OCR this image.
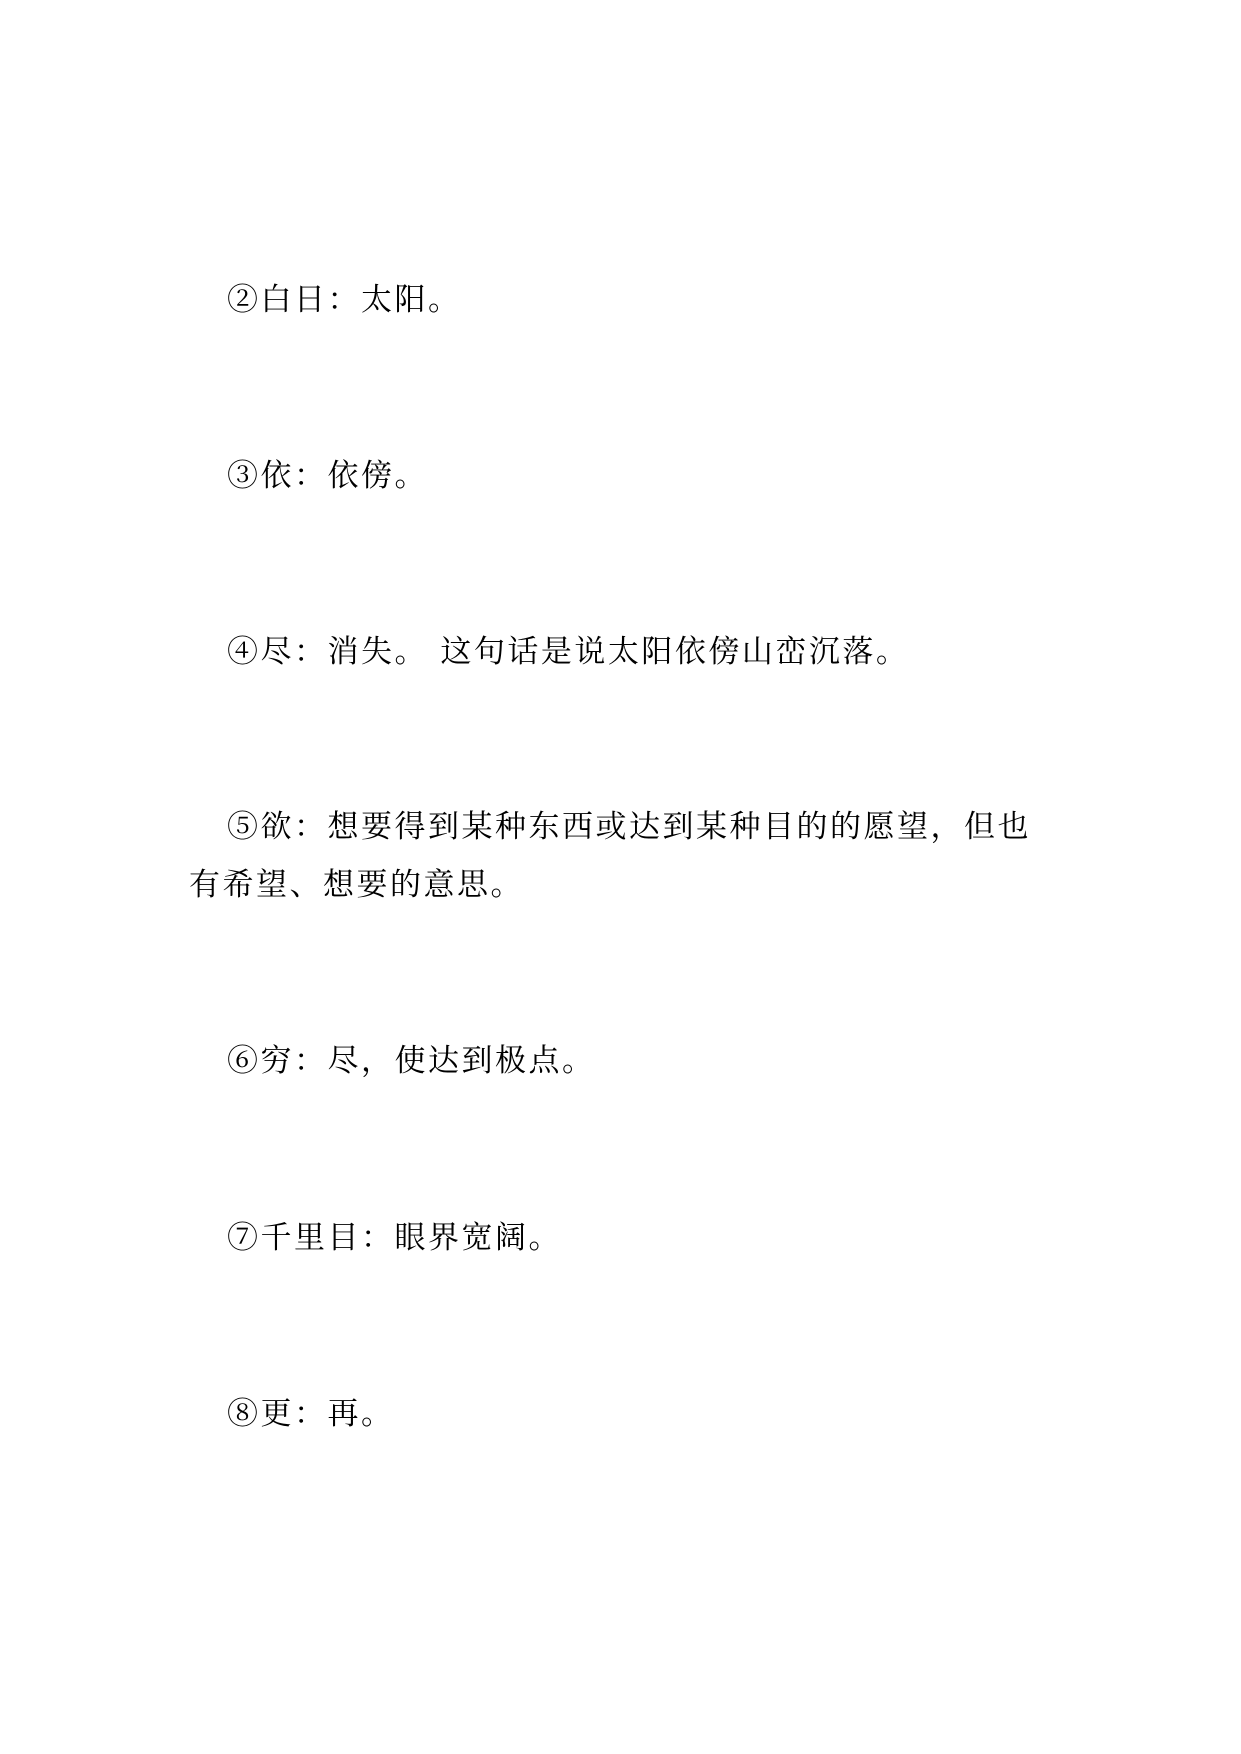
②白日：太阳。

③依：依傍。

④尽：消失。 这句话是说太阳依傍山峦沉落。

⑤欲：想要得到某种东西或达到某种目的的愿望，但也有希望、想要的意思。

⑥穷：尽，使达到极点。

⑦千里目：眼界宽阔。

⑧更：再。
